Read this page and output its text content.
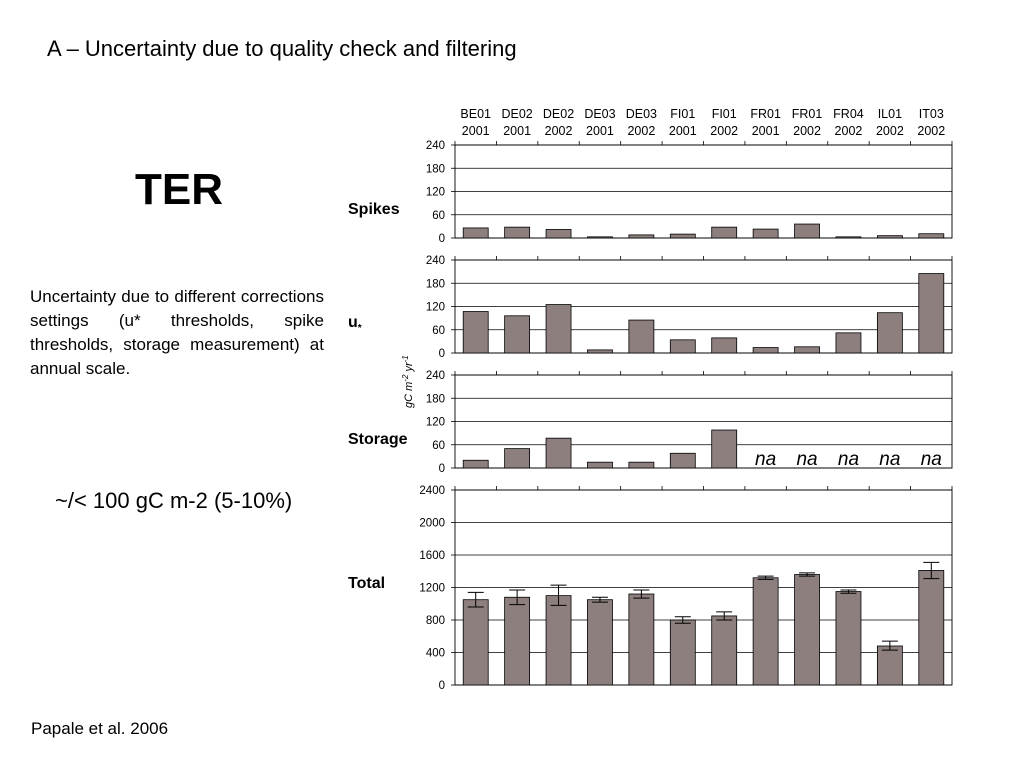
A – Uncertainty due to quality check and filtering
TER
Uncertainty due to different corrections settings (u* thresholds, spike thresholds, storage measurement) at annual scale.
~/< 100 gC m-2 (5-10%)
Papale et al. 2006
BE01
2001
DE02
2001
DE02
2002
DE03
2001
DE03
2002
FI01
2001
FI01
2002
FR01
2001
FR01
2002
FR04
2002
IL01
2002
IT03
2002
0
60
120
180
240
Spikes
0
60
120
180
240
$u_*$
0
60
120
180
240
na na na na na
Storage
0
400
800
1200
1600
2000
2400
Total
gC $m^{-2}$ $yr^{-1}$
